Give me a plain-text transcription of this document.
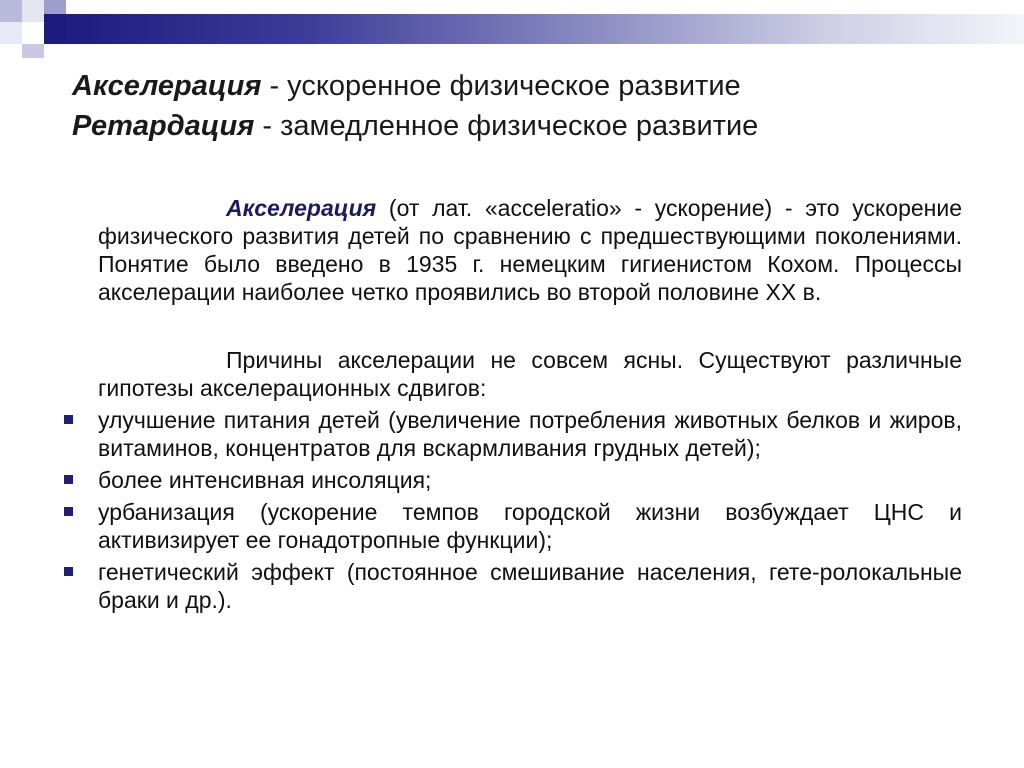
Акселерация - ускоренное физическое развитие
Ретардация - замедленное физическое развитие

Акселерация (от лат. «acceleratio» - ускорение) - это ускорение физического развития детей по сравнению с предшествующими поколениями. Понятие было введено в 1935 г. немецким гигиенистом Кохом. Процессы акселерации наиболее четко проявились во второй половине XX в.

Причины акселерации не совсем ясны. Существуют различные гипотезы акселерационных сдвигов:

улучшение питания детей (увеличение потребления животных белков и жиров, витаминов, концентратов для вскармливания грудных детей);
более интенсивная инсоляция;
урбанизация (ускорение темпов городской жизни возбуждает ЦНС и активизирует ее гонадотропные функции);
генетический эффект (постоянное смешивание населения, гете-ролокальные браки и др.).
